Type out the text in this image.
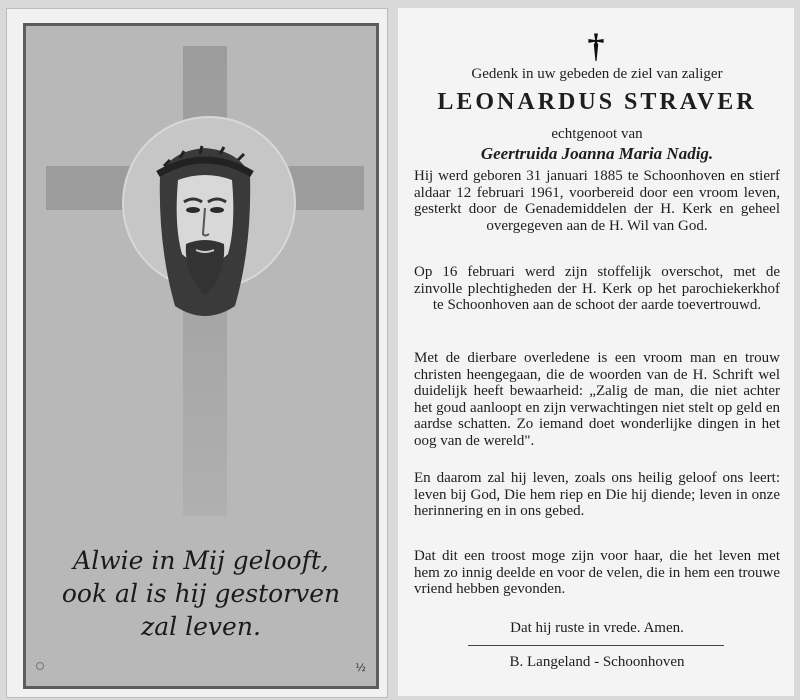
Alwie in Mij gelooft,
ook al is hij gestorven
zal leven.
½
†
Gedenk in uw gebeden de ziel van zaliger
LEONARDUS STRAVER
echtgenoot van
Geertruida Joanna Maria Nadig.
Hij werd geboren 31 januari 1885 te Schoonhoven en stierf aldaar 12 februari 1961, voorbereid door een vroom leven, gesterkt door de Genademiddelen der H. Kerk en geheel overgegeven aan de H. Wil van God.
Op 16 februari werd zijn stoffelijk overschot, met de zinvolle plechtigheden der H. Kerk op het parochiekerkhof te Schoonhoven aan de schoot der aarde toevertrouwd.
Met de dierbare overledene is een vroom man en trouw christen heengegaan, die de woorden van de H. Schrift wel duidelijk heeft bewaarheid: „Zalig de man, die niet achter het goud aanloopt en zijn verwachtingen niet stelt op geld en aardse schatten. Zo iemand doet wonderlijke dingen in het oog van de wereld".
En daarom zal hij leven, zoals ons heilig geloof ons leert: leven bij God, Die hem riep en Die hij diende; leven in onze herinnering en in ons gebed.
Dat dit een troost moge zijn voor haar, die het leven met hem zo innig deelde en voor de velen, die in hem een trouwe vriend hebben gevonden.
Dat hij ruste in vrede. Amen.
B. Langeland - Schoonhoven
